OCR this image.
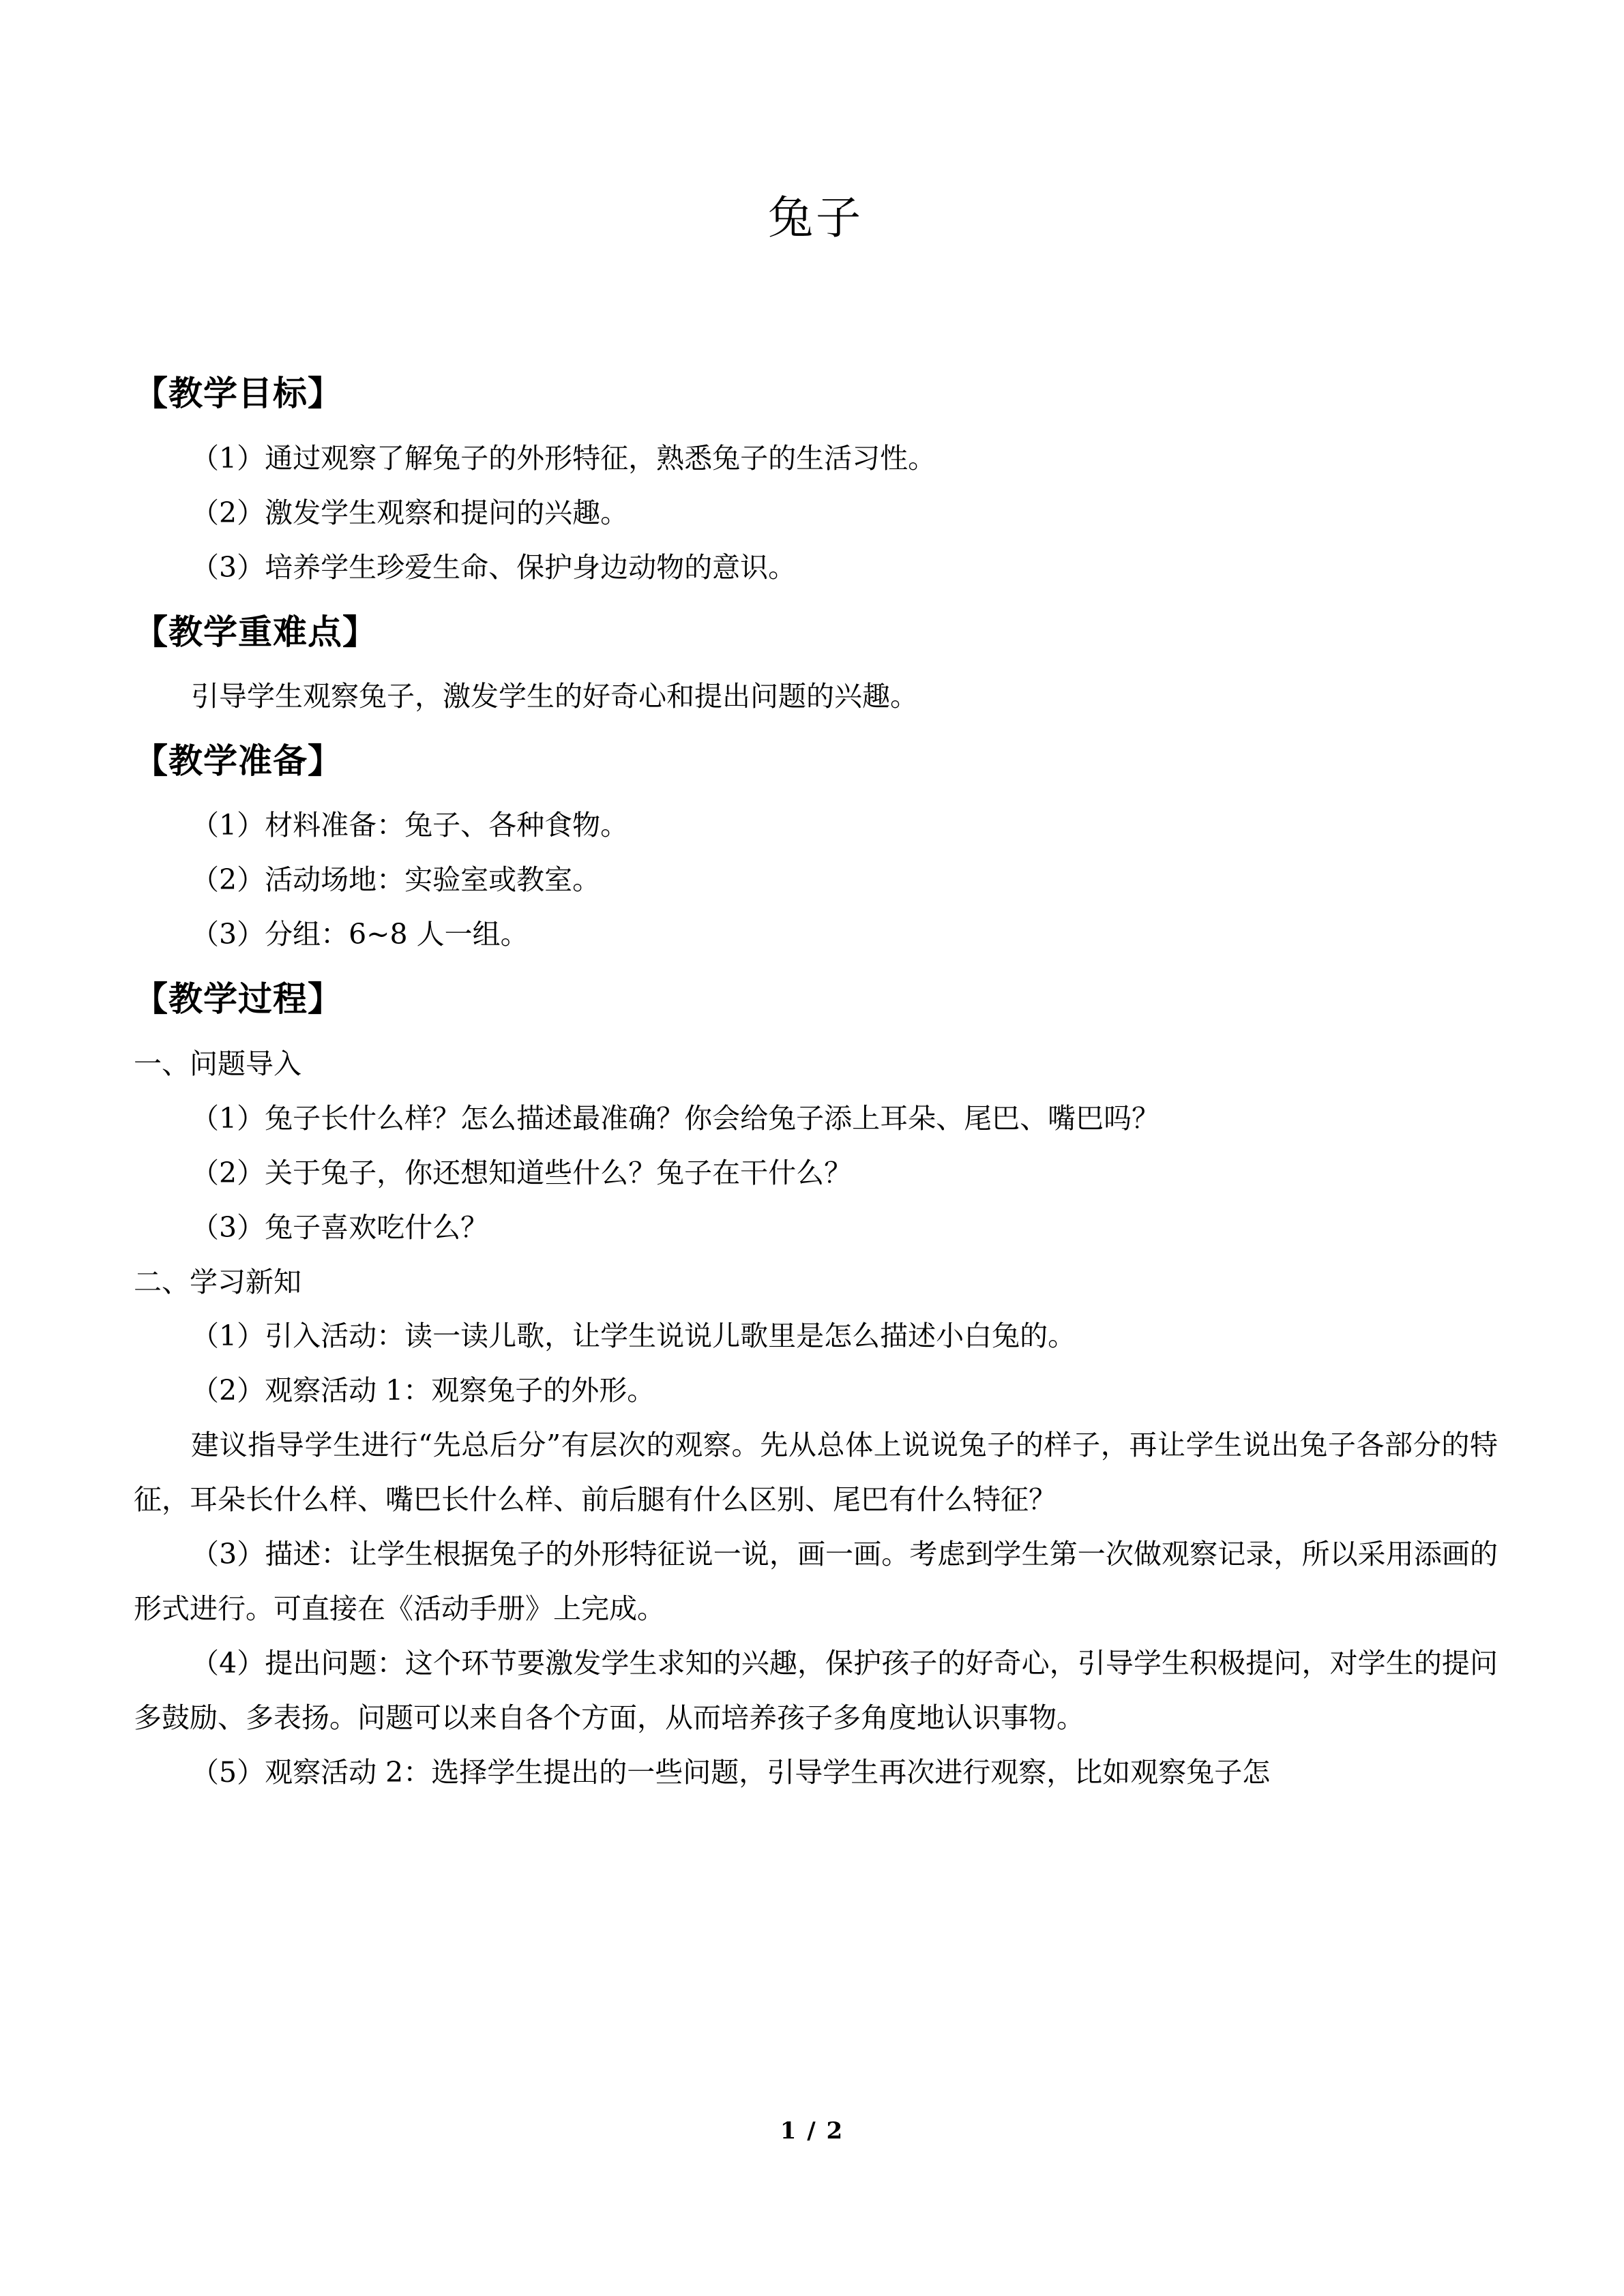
兔子
【教学目标】

（1）通过观察了解兔子的外形特征，熟悉兔子的生活习性。

（2）激发学生观察和提问的兴趣。

（3）培养学生珍爱生命、保护身边动物的意识。

【教学重难点】

引导学生观察兔子，激发学生的好奇心和提出问题的兴趣。

【教学准备】

（1）材料准备：兔子、各种食物。

（2）活动场地：实验室或教室。

（3）分组：6~8 人一组。

【教学过程】

一、问题导入

（1）兔子长什么样？怎么描述最准确？你会给兔子添上耳朵、尾巴、嘴巴吗？

（2）关于兔子，你还想知道些什么？兔子在干什么？

（3）兔子喜欢吃什么？

二、学习新知

（1）引入活动：读一读儿歌，让学生说说儿歌里是怎么描述小白兔的。

（2）观察活动 1：观察兔子的外形。

建议指导学生进行“先总后分”有层次的观察。先从总体上说说兔子的样子，再让学生说出兔子各部分的特征，耳朵长什么样、嘴巴长什么样、前后腿有什么区别、尾巴有什么特征？

（3）描述：让学生根据兔子的外形特征说一说，画一画。考虑到学生第一次做观察记录，所以采用添画的形式进行。可直接在《活动手册》上完成。

（4）提出问题：这个环节要激发学生求知的兴趣，保护孩子的好奇心，引导学生积极提问，对学生的提问多鼓励、多表扬。问题可以来自各个方面，从而培养孩子多角度地认识事物。

（5）观察活动 2：选择学生提出的一些问题，引导学生再次进行观察，比如观察兔子怎

1 / 2
